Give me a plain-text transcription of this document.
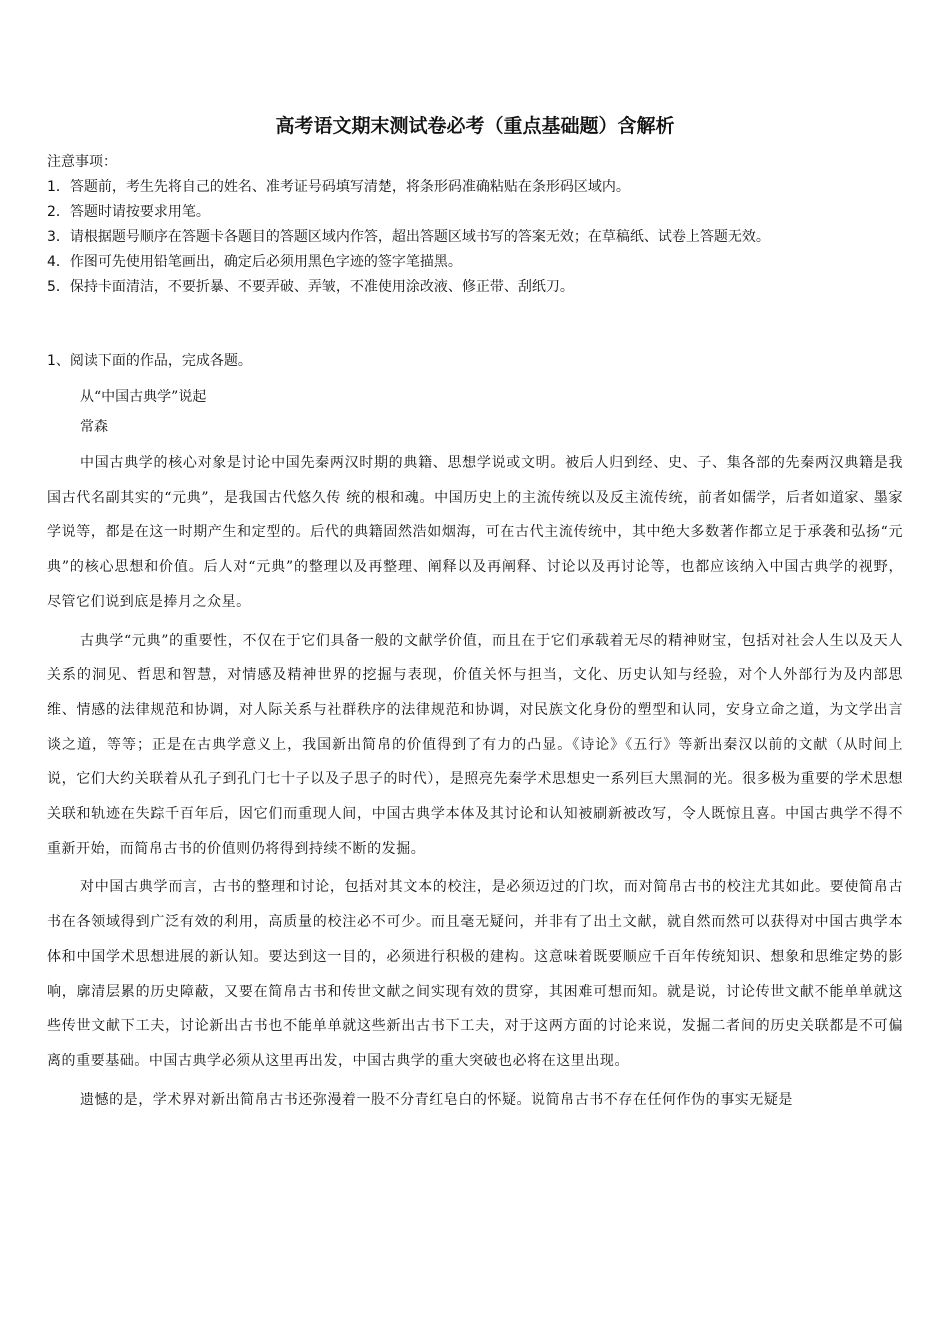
高考语文期末测试卷必考（重点基础题）含解析
注意事项：
1．答题前，考生先将自己的姓名、准考证号码填写清楚，将条形码准确粘贴在条形码区域内。
2．答题时请按要求用笔。
3．请根据题号顺序在答题卡各题目的答题区域内作答，超出答题区域书写的答案无效；在草稿纸、试卷上答题无效。
4．作图可先使用铅笔画出，确定后必须用黑色字迹的签字笔描黑。
5．保持卡面清洁，不要折暴、不要弄破、弄皱，不准使用涂改液、修正带、刮纸刀。
1、阅读下面的作品，完成各题。
从“中国古典学”说起
常森

中国古典学的核心对象是讨论中国先秦两汉时期的典籍、思想学说或文明。被后人归到经、史、子、集各部的先秦两汉典籍是我国古代名副其实的“元典”，是我国古代悠久传 统的根和魂。中国历史上的主流传统以及反主流传统，前者如儒学，后者如道家、墨家学说等，都是在这一时期产生和定型的。后代的典籍固然浩如烟海，可在古代主流传统中，其中绝大多数著作都立足于承袭和弘扬“元典”的核心思想和价值。后人对“元典”的整理以及再整理、阐释以及再阐释、讨论以及再讨论等，也都应该纳入中国古典学的视野， 尽管它们说到底是捧月之众星。

古典学“元典”的重要性，不仅在于它们具备一般的文献学价值，而且在于它们承载着无尽的精神财宝，包括对社会人生以及天人关系的洞见、哲思和智慧，对情感及精神世界的挖掘与表现，价值关怀与担当，文化、历史认知与经验，对个人外部行为及内部思维、情感的法律规范和协调，对人际关系与社群秩序的法律规范和协调，对民族文化身份的塑型和认同，安身立命之道，为文学出言谈之道，等等；正是在古典学意义上，我国新出简帛的价值得到了有力的凸显。《诗论》《五行》等新出秦汉以前的文献（从时间上说，它们大约关联着从孔子到孔门七十子以及子思子的时代），是照亮先秦学术思想史一系列巨大黑洞的光。很多极为重要的学术思想关联和轨迹在失踪千百年后，因它们而重现人间，中国古典学本体及其讨论和认知被刷新被改写，令人既惊且喜。中国古典学不得不重新开始，而简帛古书的价值则仍将得到持续不断的发掘。

对中国古典学而言，古书的整理和讨论，包括对其文本的校注，是必须迈过的门坎，而对简帛古书的校注尤其如此。要使简帛古书在各领域得到广泛有效的利用，高质量的校注必不可少。而且毫无疑问，并非有了出土文献，就自然而然可以获得对中国古典学本体和中国学术思想进展的新认知。要达到这一目的，必须进行积极的建构。这意味着既要顺应千百年传统知识、想象和思维定势的影响，廓清层累的历史障蔽，又要在简帛古书和传世文献之间实现有效的贯穿，其困难可想而知。就是说，讨论传世文献不能单单就这些传世文献下工夫，讨论新出古书也不能单单就这些新出古书下工夫，对于这两方面的讨论来说，发掘二者间的历史关联都是不可偏离的重要基础。中国古典学必须从这里再出发，中国古典学的重大突破也必将在这里出现。

遗憾的是，学术界对新出简帛古书还弥漫着一股不分青红皂白的怀疑。说简帛古书不存在任何作伪的事实无疑是
